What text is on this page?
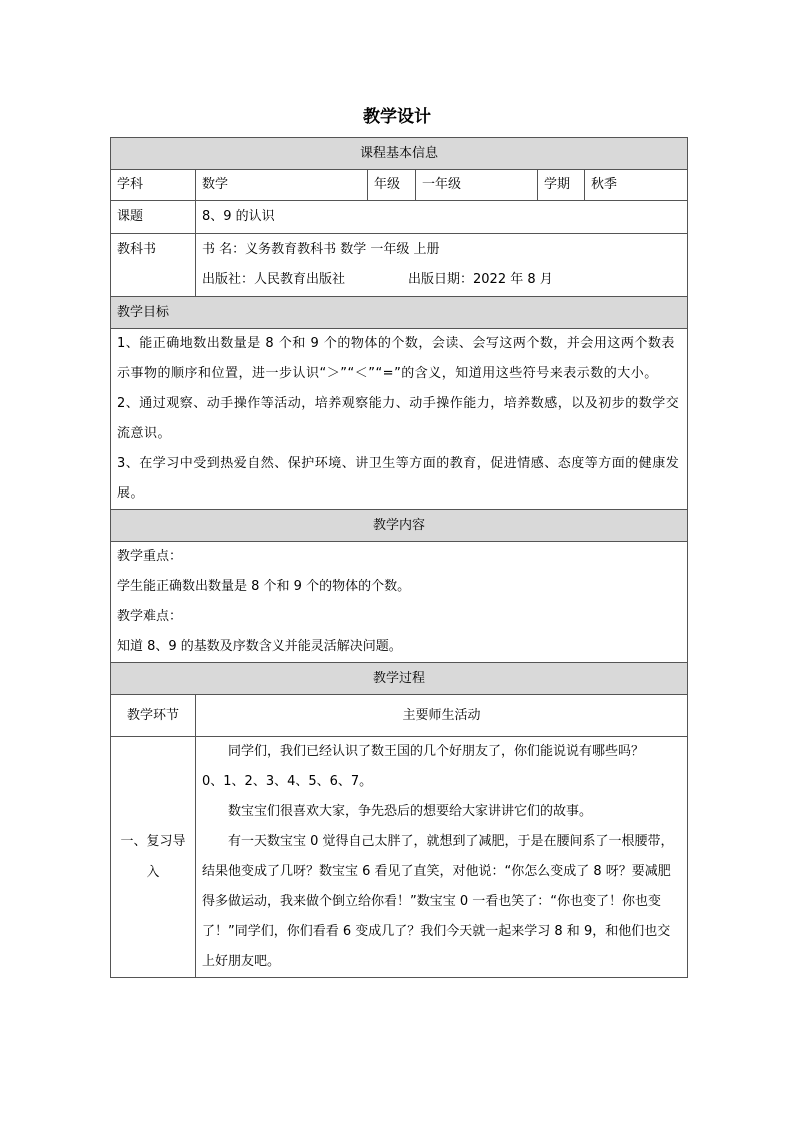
教学设计
课程基本信息					
学科	数学	年级	一年级	学期	秋季
课题	8、9 的认识				
教科书	书 名：义务教育教科书 数学 一年级 上册
出版社：人民教育出版社 出版日期：2022 年 8 月				

教学目标					

1、能正确地数出数量是 8 个和 9 个的物体的个数，会读、会写这两个数，并会用这两个数表示事物的顺序和位置，进一步认识“＞”“＜”“=”的含义，知道用这些符号来表示数的大小。
2、通过观察、动手操作等活动，培养观察能力、动手操作能力，培养数感，以及初步的数学交流意识。
3、在学习中受到热爱自然、保护环境、讲卫生等方面的教育，促进情感、态度等方面的健康发展。					

教学内容					

教学重点：
学生能正确数出数量是 8 个和 9 个的物体的个数。
教学难点：
知道 8、9 的基数及序数含义并能灵活解决问题。					

教学过程					
教学环节	主要师生活动				
一、复习导入	同学们，我们已经认识了数王国的几个好朋友了，你们能说说有哪些吗？
0、1、2、3、4、5、6、7。
数宝宝们很喜欢大家，争先恐后的想要给大家讲讲它们的故事。
有一天数宝宝 0 觉得自己太胖了，就想到了减肥，于是在腰间系了一根腰带，结果他变成了几呀？数宝宝 6 看见了直笑，对他说：“你怎么变成了 8 呀？要减肥得多做运动，我来做个倒立给你看！”数宝宝 0 一看也笑了：“你也变了！你也变了！”同学们，你们看看 6 变成几了？我们今天就一起来学习 8 和 9，和他们也交上好朋友吧。				
